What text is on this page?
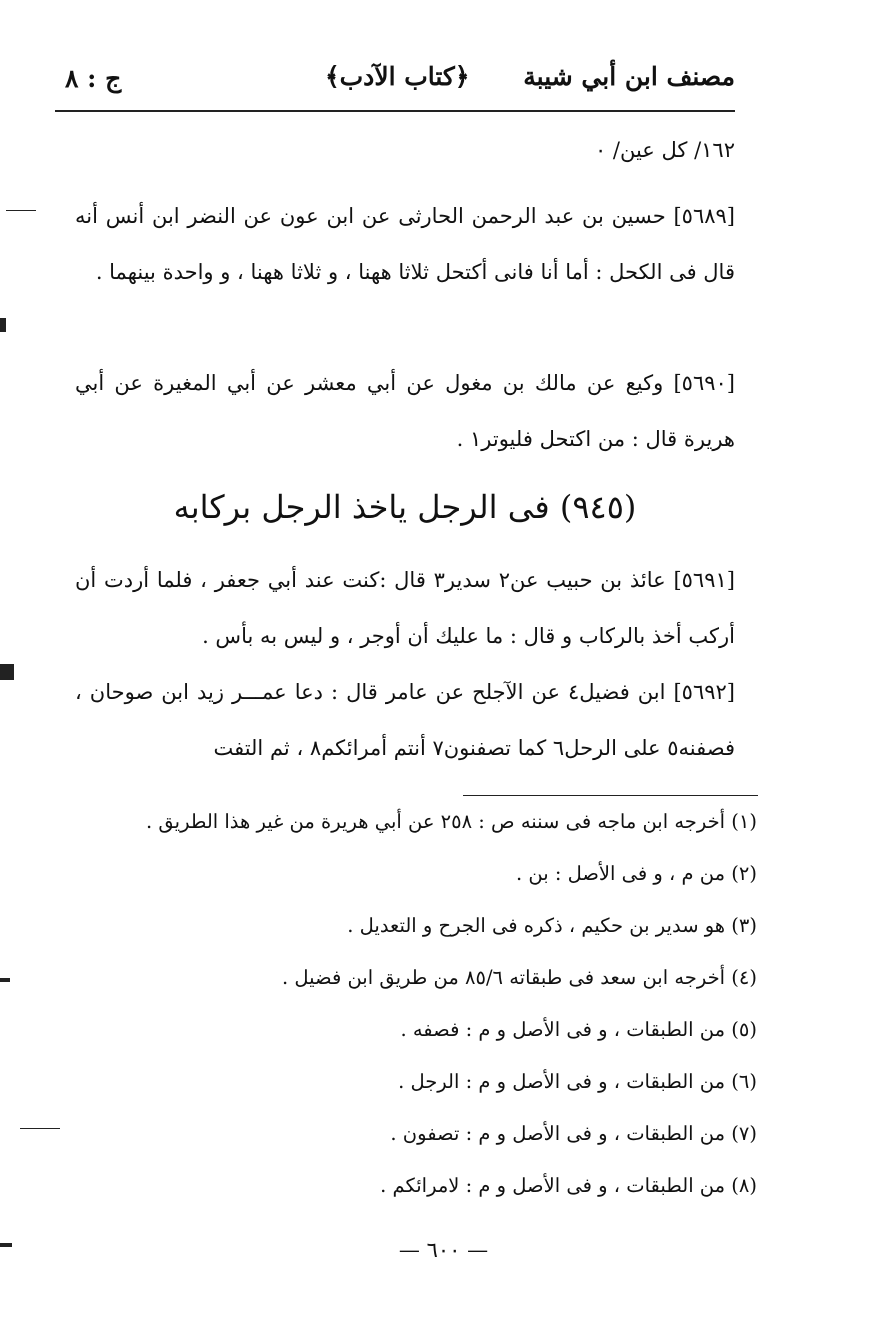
مصنف ابن أبي شيبة
﴿كتاب الآدب﴾
ج : ٨
١٦٢/ كل عين/ ٠
[٥٦٨٩] حسين بن عبد الرحمن الحارثى عن ابن عون عن النضر ابن أنس أنه قال فى الكحل : أما أنا فانى أكتحل ثلاثا ههنا ، و ثلاثا ههنا ، و واحدة بينهما .
[٥٦٩٠] وكيع عن مالك بن مغول عن أبي معشر عن أبي المغيرة عن أبي هريرة قال : من اكتحل فليوتر١ .
(٩٤٥) فى الرجل ياخذ الرجل بركابه
[٥٦٩١] عائذ بن حبيب عن٢ سدير٣ قال :كنت عند أبي جعفر ، فلما أردت أن أركب أخذ بالركاب و قال : ما عليك أن أوجر ، و ليس به بأس .
[٥٦٩٢] ابن فضيل٤ عن الآجلح عن عامر قال : دعا عمـــر زيد ابن صوحان ، فصفنه٥ على الرحل٦ كما تصفنون٧ أنتم أمرائكم٨ ، ثم التفت
(١) أخرجه ابن ماجه فى سننه ص : ٢٥٨ عن أبي هريرة من غير هذا الطريق .
(٢) من م ، و فى الأصل : بن .
(٣) هو سدير بن حكيم ، ذكره فى الجرح و التعديل .
(٤) أخرجه ابن سعد فى طبقاته ٨٥/٦ من طريق ابن فضيل .
(٥) من الطبقات ، و فى الأصل و م : فصفه .
(٦) من الطبقات ، و فى الأصل و م : الرجل .
(٧) من الطبقات ، و فى الأصل و م : تصفون .
(٨) من الطبقات ، و فى الأصل و م : لامرائكم .
— ٦٠٠ —
